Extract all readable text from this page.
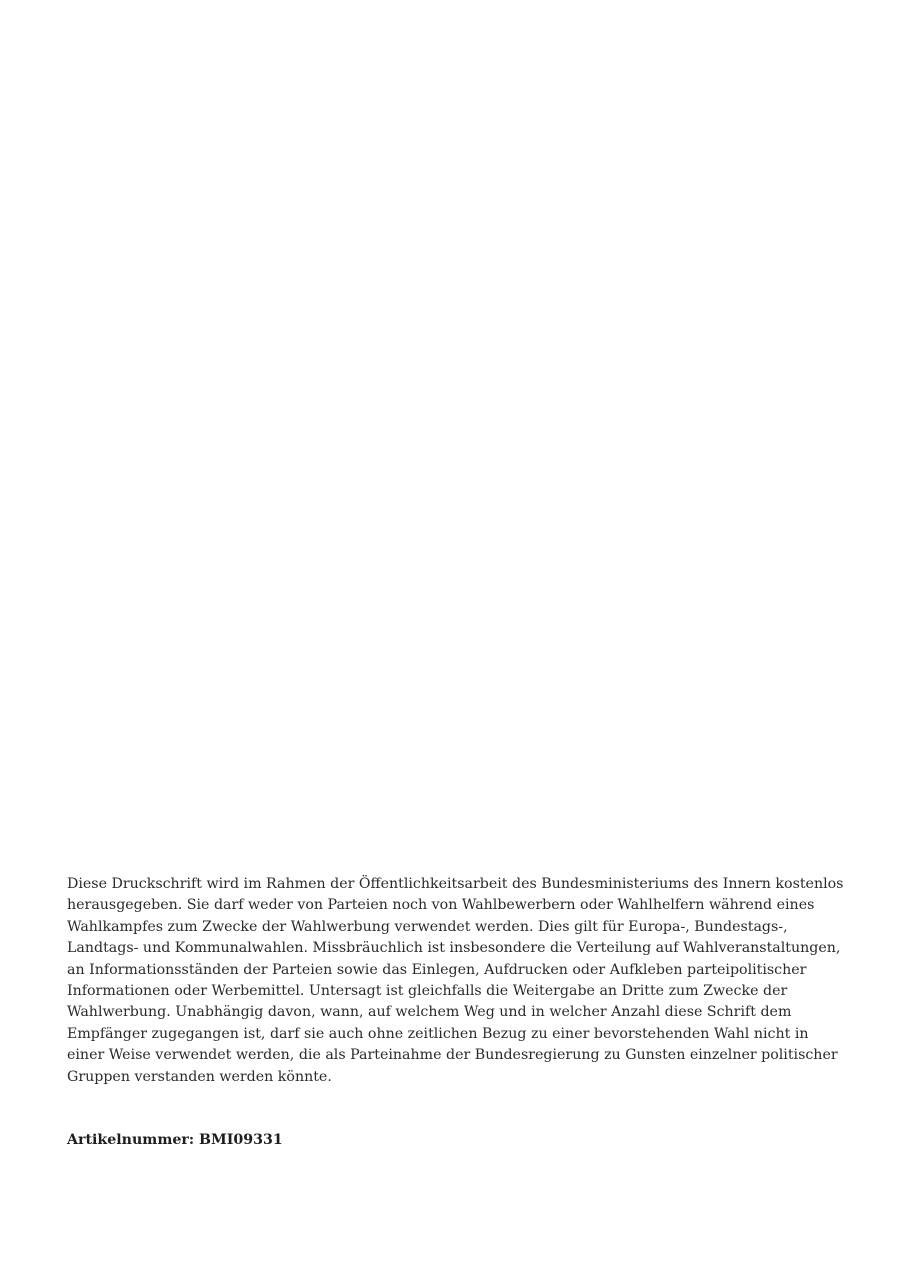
Diese Druckschrift wird im Rahmen der Öffentlichkeitsarbeit des Bundesministeriums des Innern kostenlos
herausgegeben. Sie darf weder von Parteien noch von Wahlbewerbern oder Wahlhelfern während eines
Wahlkampfes zum Zwecke der Wahlwerbung verwendet werden. Dies gilt für Europa-, Bundestags-,
Landtags- und Kommunalwahlen. Missbräuchlich ist insbesondere die Verteilung auf Wahlveranstaltungen,
an Informationsständen der Parteien sowie das Einlegen, Aufdrucken oder Aufkleben parteipolitischer
Informationen oder Werbemittel. Untersagt ist gleichfalls die Weitergabe an Dritte zum Zwecke der
Wahlwerbung. Unabhängig davon, wann, auf welchem Weg und in welcher Anzahl diese Schrift dem
Empfänger zugegangen ist, darf sie auch ohne zeitlichen Bezug zu einer bevorstehenden Wahl nicht in
einer Weise verwendet werden, die als Parteinahme der Bundesregierung zu Gunsten einzelner politischer
Gruppen verstanden werden könnte.

Artikelnummer: BMI09331
